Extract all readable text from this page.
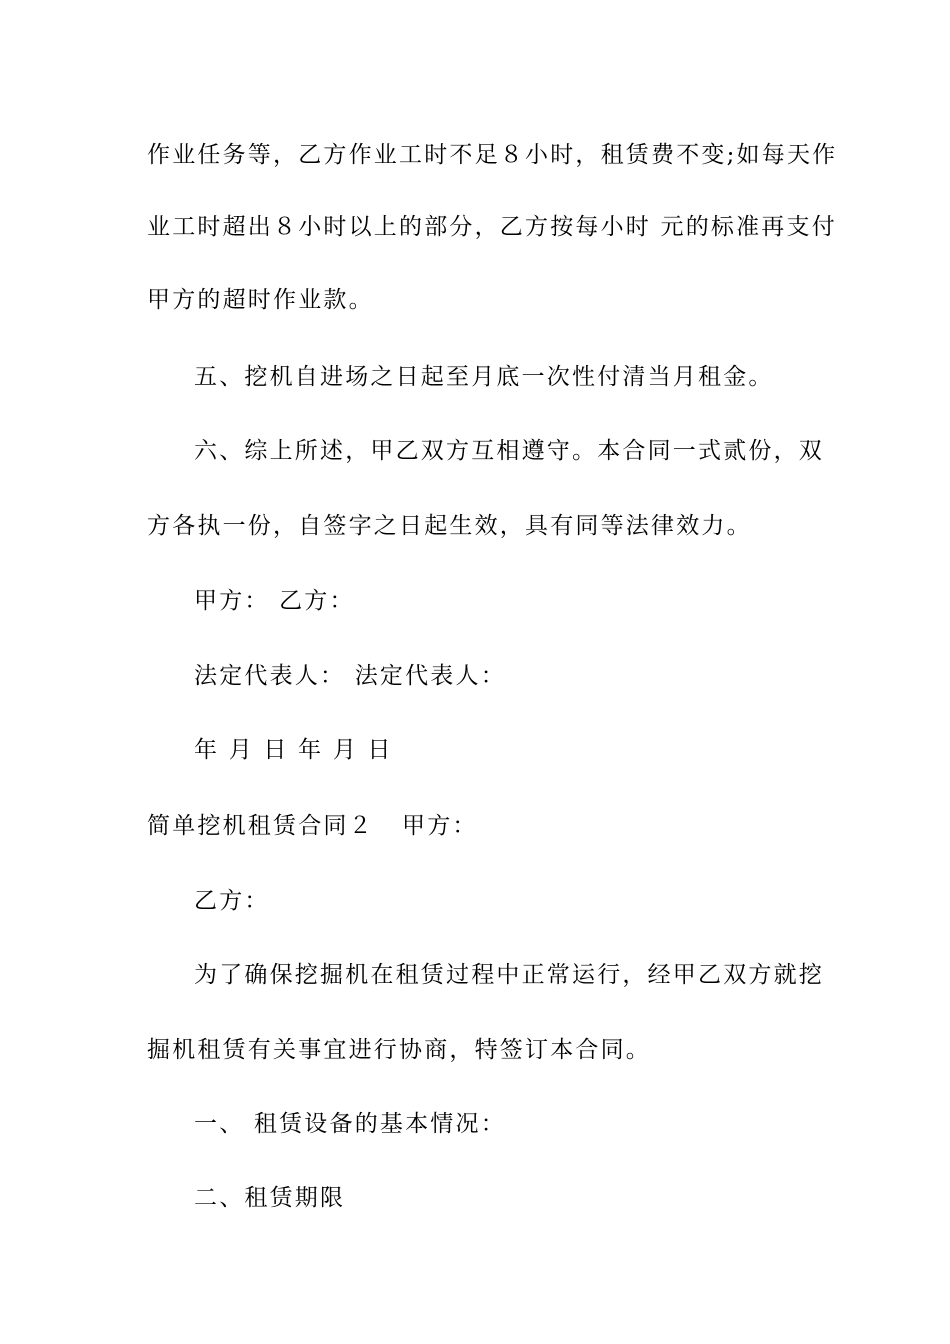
作业任务等，乙方作业工时不足８小时，租赁费不变;如每天作
业工时超出８小时以上的部分，乙方按每小时 元的标准再支付
甲方的超时作业款。
五、挖机自进场之日起至月底一次性付清当月租金。
六、综上所述，甲乙双方互相遵守。本合同一式贰份，双
方各执一份，自签字之日起生效，具有同等法律效力。
甲方： 乙方：
法定代表人： 法定代表人：
年 月 日 年 月 日
简单挖机租赁合同２	甲方：
乙方：
为了确保挖掘机在租赁过程中正常运行，经甲乙双方就挖
掘机租赁有关事宜进行协商，特签订本合同。
一、 租赁设备的基本情况：
二、租赁期限
